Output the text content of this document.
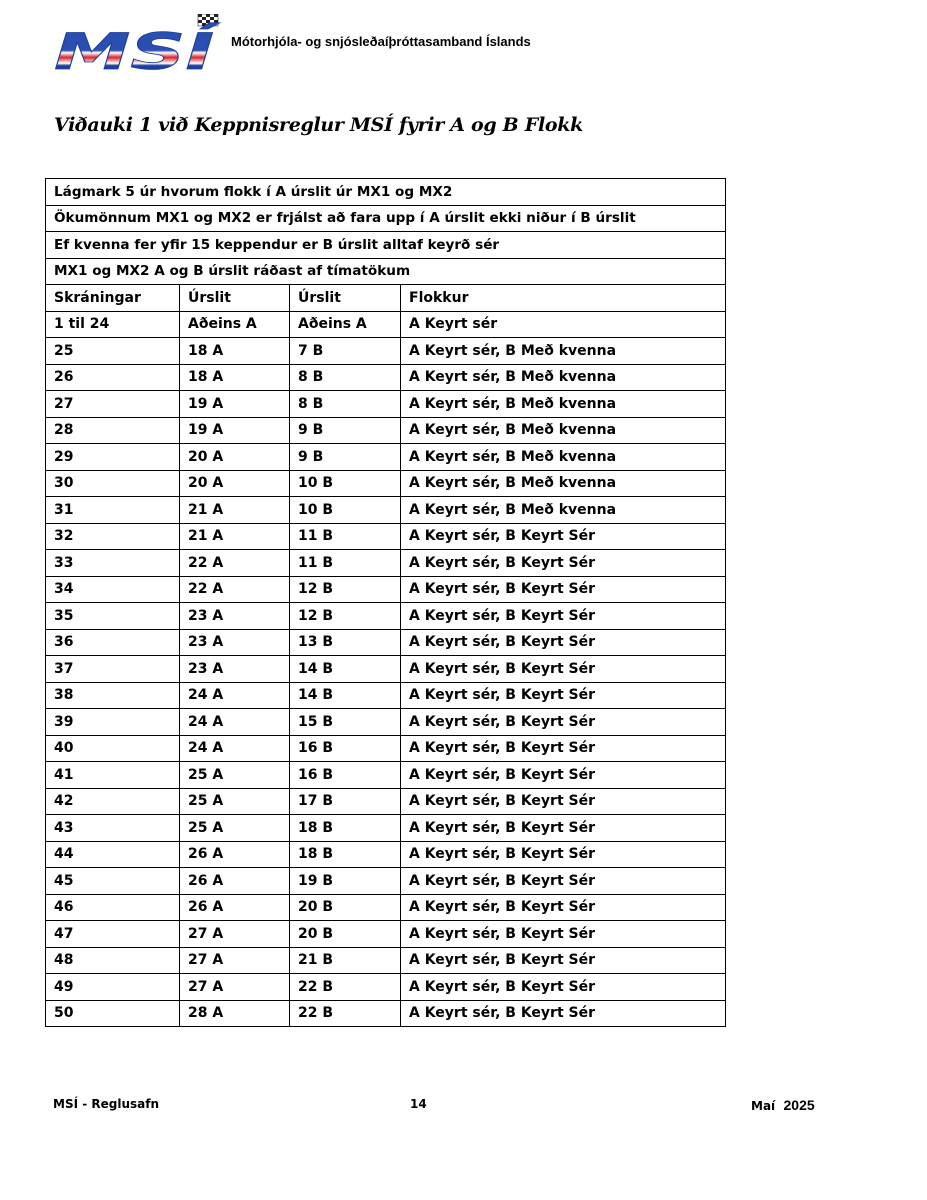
MSÍ	Mótorhjóla- og snjósleðaíþróttasamband Íslands
Viðauki 1 við Keppnisreglur MSÍ fyrir A og B Flokk
Lágmark 5 úr hvorum flokk í A úrslit úr MX1 og MX2			
Ökumönnum MX1 og MX2 er frjálst að fara upp í A úrslit ekki niður í B úrslit			
Ef kvenna fer yfir 15 keppendur er B úrslit alltaf keyrð sér			
MX1 og MX2 A og B úrslit ráðast af tímatökum			
Skráningar	Úrslit	Úrslit	Flokkur
1 til 24	Aðeins A	Aðeins A	A Keyrt sér
25	18 A	7 B	A Keyrt sér, B Með kvenna
26	18 A	8 B	A Keyrt sér, B Með kvenna
27	19 A	8 B	A Keyrt sér, B Með kvenna
28	19 A	9 B	A Keyrt sér, B Með kvenna
29	20 A	9 B	A Keyrt sér, B Með kvenna
30	20 A	10 B	A Keyrt sér, B Með kvenna
31	21 A	10 B	A Keyrt sér, B Með kvenna
32	21 A	11 B	A Keyrt sér, B Keyrt Sér
33	22 A	11 B	A Keyrt sér, B Keyrt Sér
34	22 A	12 B	A Keyrt sér, B Keyrt Sér
35	23 A	12 B	A Keyrt sér, B Keyrt Sér
36	23 A	13 B	A Keyrt sér, B Keyrt Sér
37	23 A	14 B	A Keyrt sér, B Keyrt Sér
38	24 A	14 B	A Keyrt sér, B Keyrt Sér
39	24 A	15 B	A Keyrt sér, B Keyrt Sér
40	24 A	16 B	A Keyrt sér, B Keyrt Sér
41	25 A	16 B	A Keyrt sér, B Keyrt Sér
42	25 A	17 B	A Keyrt sér, B Keyrt Sér
43	25 A	18 B	A Keyrt sér, B Keyrt Sér
44	26 A	18 B	A Keyrt sér, B Keyrt Sér
45	26 A	19 B	A Keyrt sér, B Keyrt Sér
46	26 A	20 B	A Keyrt sér, B Keyrt Sér
47	27 A	20 B	A Keyrt sér, B Keyrt Sér
48	27 A	21 B	A Keyrt sér, B Keyrt Sér
49	27 A	22 B	A Keyrt sér, B Keyrt Sér
50	28 A	22 B	A Keyrt sér, B Keyrt Sér
MSÍ - Reglusafn	14	Maí 2025
